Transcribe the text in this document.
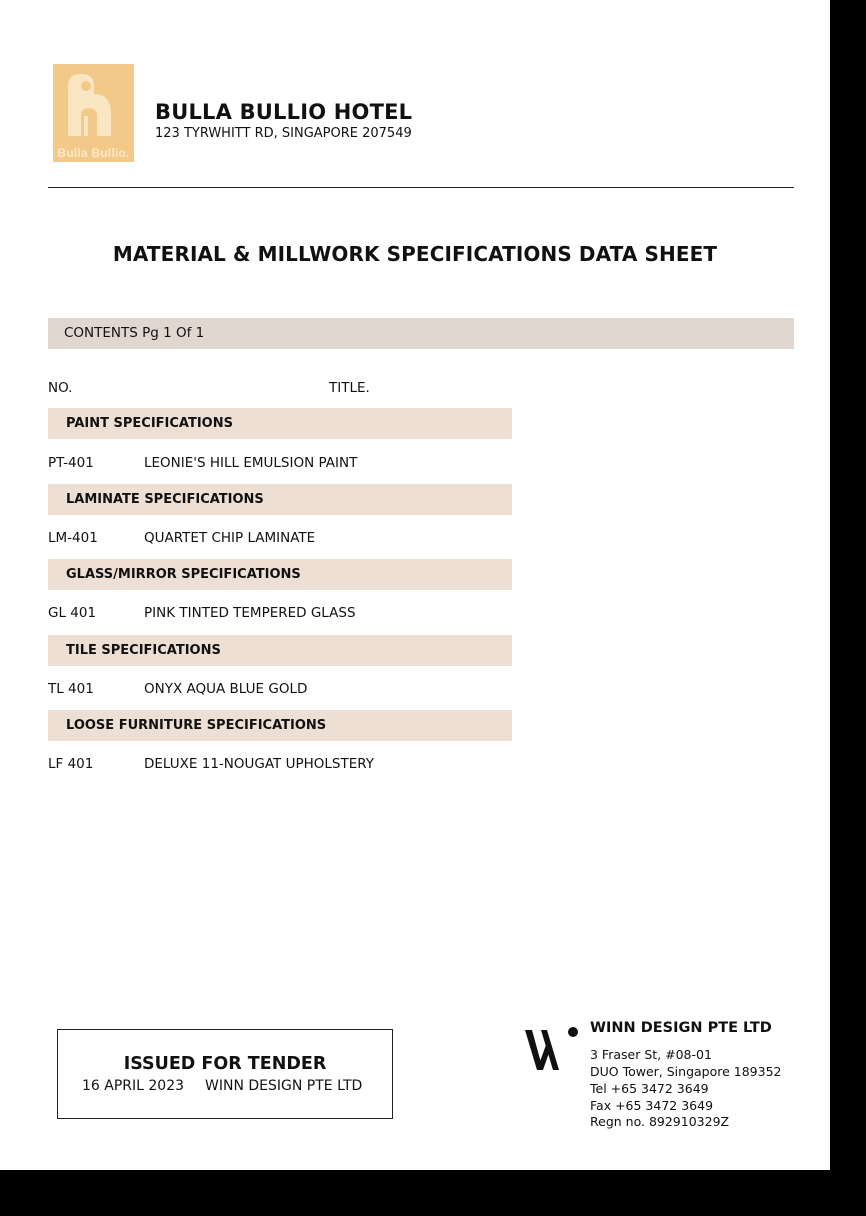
Bulla Bullio.
BULLA BULLIO HOTEL
123 TYRWHITT RD, SINGAPORE 207549
MATERIAL & MILLWORK SPECIFICATIONS DATA SHEET
CONTENTS Pg 1 Of 1
NO.	TITLE.
PAINT SPECIFICATIONS
PT-401	LEONIE'S HILL EMULSION PAINT
LAMINATE SPECIFICATIONS
LM-401	QUARTET CHIP LAMINATE
GLASS/MIRROR SPECIFICATIONS
GL 401	PINK TINTED TEMPERED GLASS
TILE SPECIFICATIONS
TL 401	ONYX AQUA BLUE GOLD
LOOSE FURNITURE SPECIFICATIONS
LF 401	DELUXE 11-NOUGAT UPHOLSTERY
ISSUED FOR TENDER
16 APRIL 2023 WINN DESIGN PTE LTD
WINN DESIGN PTE LTD
3 Fraser St, #08-01
DUO Tower, Singapore 189352
Tel +65 3472 3649
Fax +65 3472 3649
Regn no. 892910329Z
